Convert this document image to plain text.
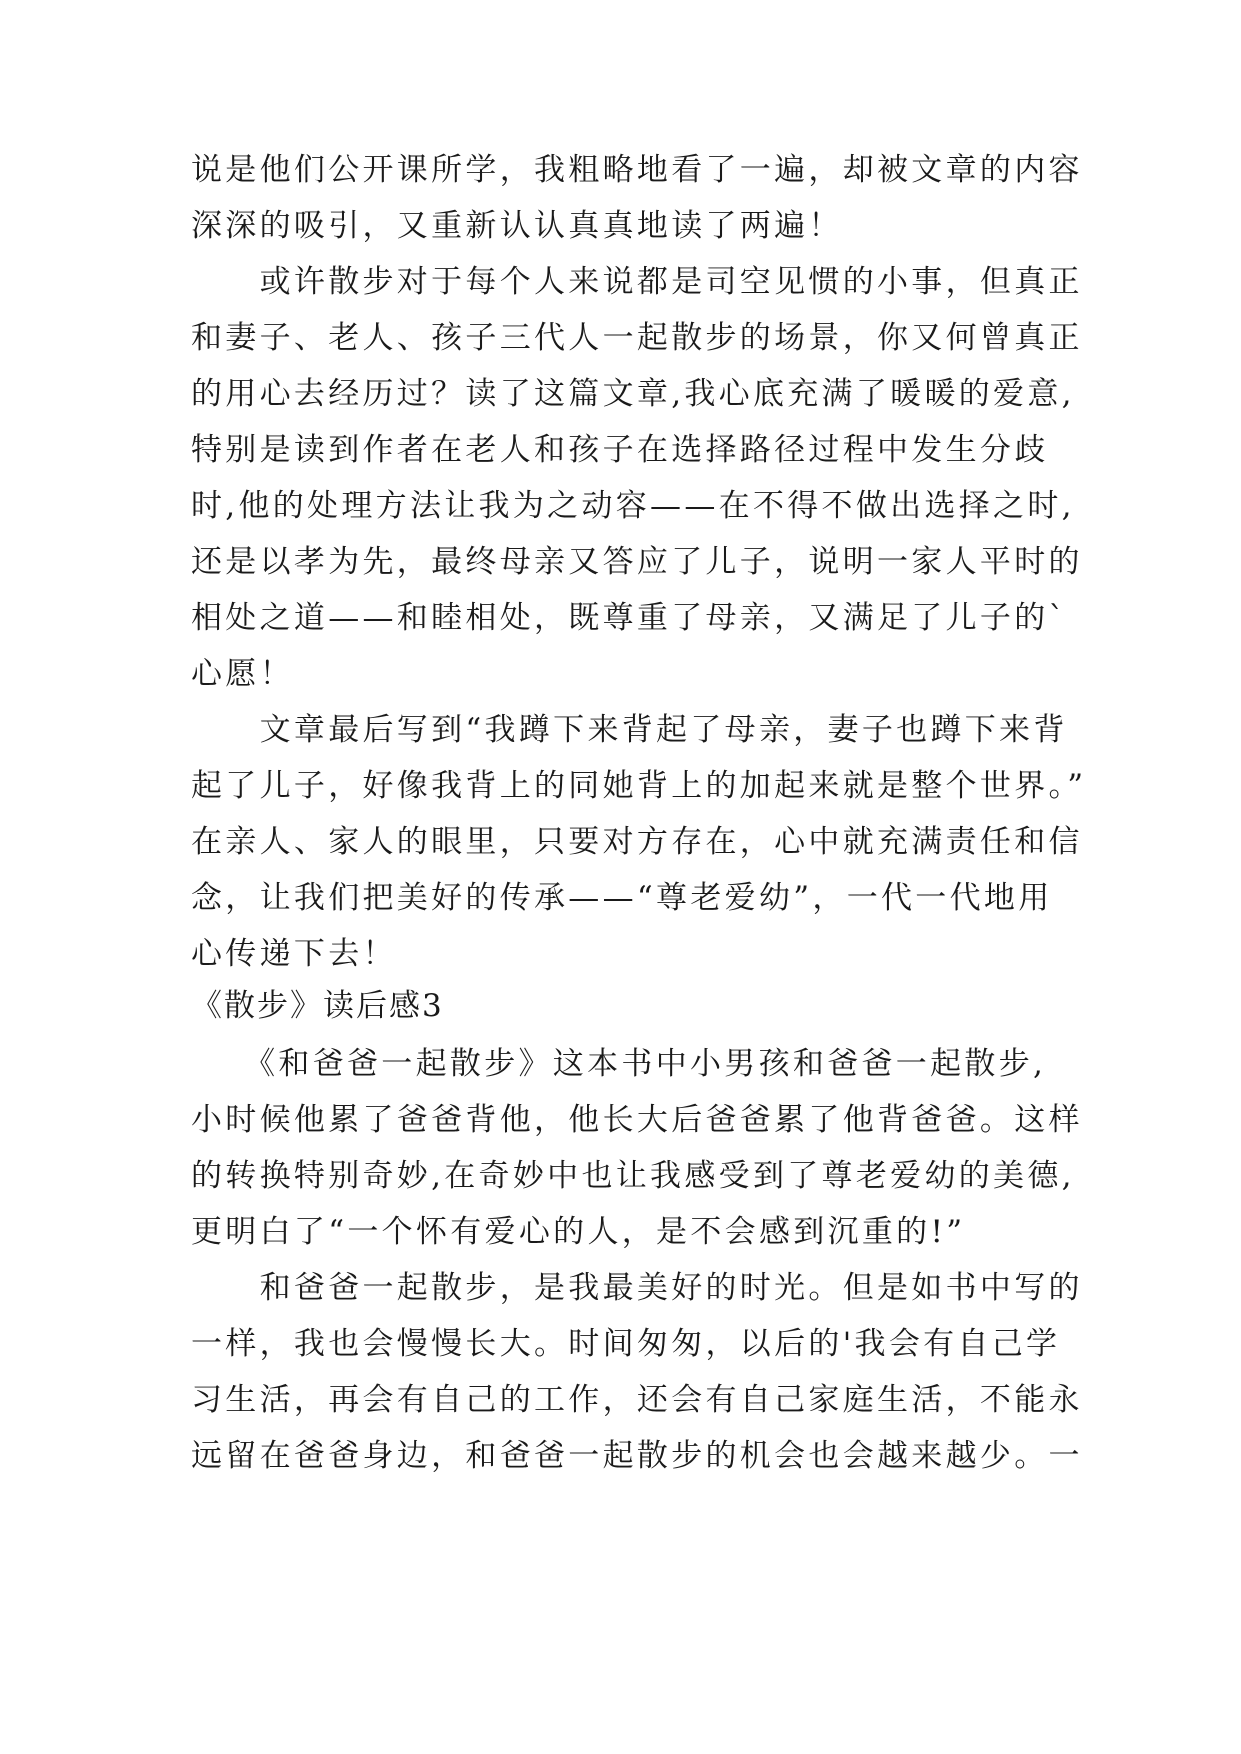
说是他们公开课所学，我粗略地看了一遍，却被文章的内容
深深的吸引，又重新认认真真地读了两遍！
　　或许散步对于每个人来说都是司空见惯的小事，但真正
和妻子、老人、孩子三代人一起散步的场景，你又何曾真正
的用心去经历过？读了这篇文章,我心底充满了暖暖的爱意,
特别是读到作者在老人和孩子在选择路径过程中发生分歧
时,他的处理方法让我为之动容——在不得不做出选择之时,
还是以孝为先，最终母亲又答应了儿子，说明一家人平时的
相处之道——和睦相处，既尊重了母亲，又满足了儿子的`
心愿！
　　文章最后写到“我蹲下来背起了母亲，妻子也蹲下来背
起了儿子，好像我背上的同她背上的加起来就是整个世界。”
在亲人、家人的眼里，只要对方存在，心中就充满责任和信
念，让我们把美好的传承——“尊老爱幼”，一代一代地用
心传递下去！
《散步》读后感3
　　《和爸爸一起散步》这本书中小男孩和爸爸一起散步,
小时候他累了爸爸背他，他长大后爸爸累了他背爸爸。这样
的转换特别奇妙,在奇妙中也让我感受到了尊老爱幼的美德,
更明白了“一个怀有爱心的人，是不会感到沉重的!”
　　和爸爸一起散步，是我最美好的时光。但是如书中写的
一样，我也会慢慢长大。时间匆匆，以后的'我会有自己学
习生活，再会有自己的工作，还会有自己家庭生活，不能永
远留在爸爸身边，和爸爸一起散步的机会也会越来越少。一
